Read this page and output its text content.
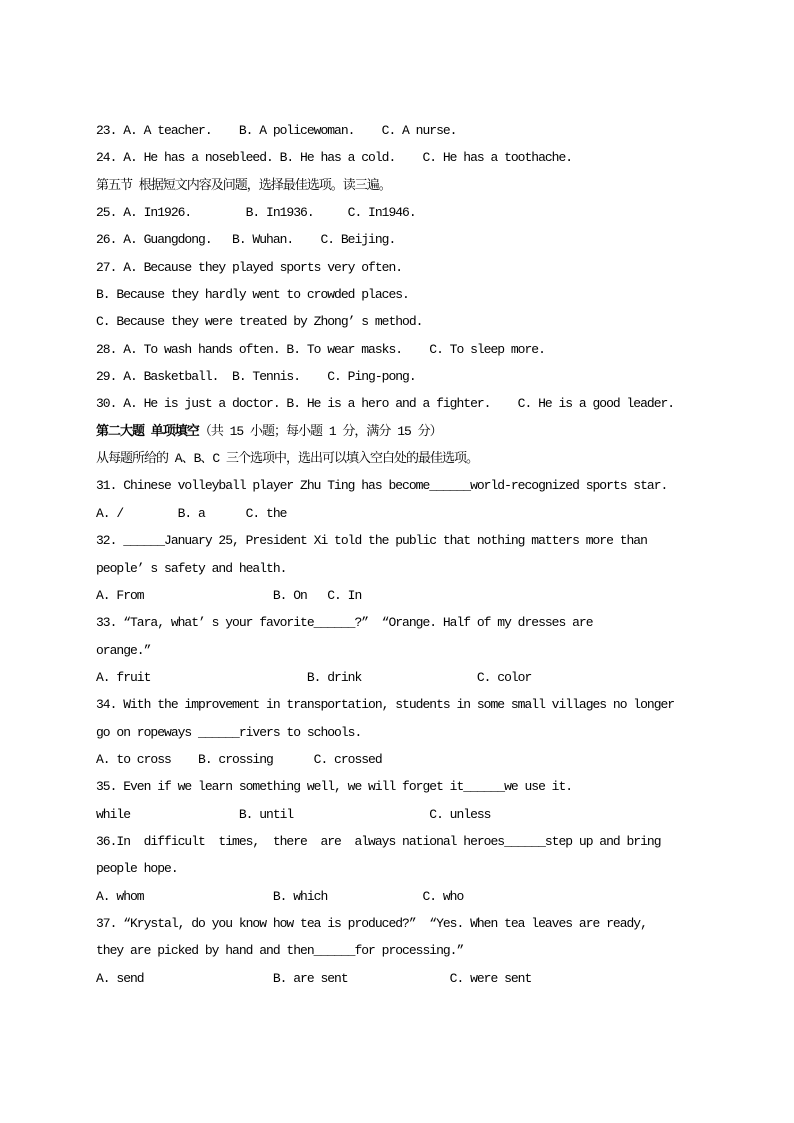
23. A. A teacher.    B. A policewoman.    C. A nurse.
24. A. He has a nosebleed. B. He has a cold.    C. He has a toothache.
第五节 根据短文内容及问题，选择最佳选项。读三遍。
25. A. In1926.        B. In1936.     C. In1946.
26. A. Guangdong.   B. Wuhan.    C. Beijing.
27. A. Because they played sports very often.
B. Because they hardly went to crowded places.
C. Because they were treated by Zhong’ s method.
28. A. To wash hands often. B. To wear masks.    C. To sleep more.
29. A. Basketball.  B. Tennis.    C. Ping-pong.
30. A. He is just a doctor. B. He is a hero and a fighter.    C. He is a good leader.
第二大题 单项填空（共 15 小题；每小题 1 分，满分 15 分）
从每题所给的 A、B、C 三个选项中，选出可以填入空白处的最佳选项。
31. Chinese volleyball player Zhu Ting has become______world-recognized sports star.
A. /        B. a      C. the
32. ______January 25, President Xi told the public that nothing matters more than
people’ s safety and health.
A. From                   B. On   C. In
33. “Tara, what’ s your favorite______?”  “Orange. Half of my dresses are
orange.”
A. fruit                       B. drink                 C. color
34. With the improvement in transportation, students in some small villages no longer
go on ropeways ______rivers to schools.
A. to cross    B. crossing      C. crossed
35. Even if we learn something well, we will forget it______we use it.
while                B. until                    C. unless
36.In  difficult  times,  there  are  always national heroes______step up and bring
people hope.
A. whom                   B. which              C. who
37. “Krystal, do you know how tea is produced?”  “Yes. When tea leaves are ready,
they are picked by hand and then______for processing.”
A. send                   B. are sent               C. were sent
